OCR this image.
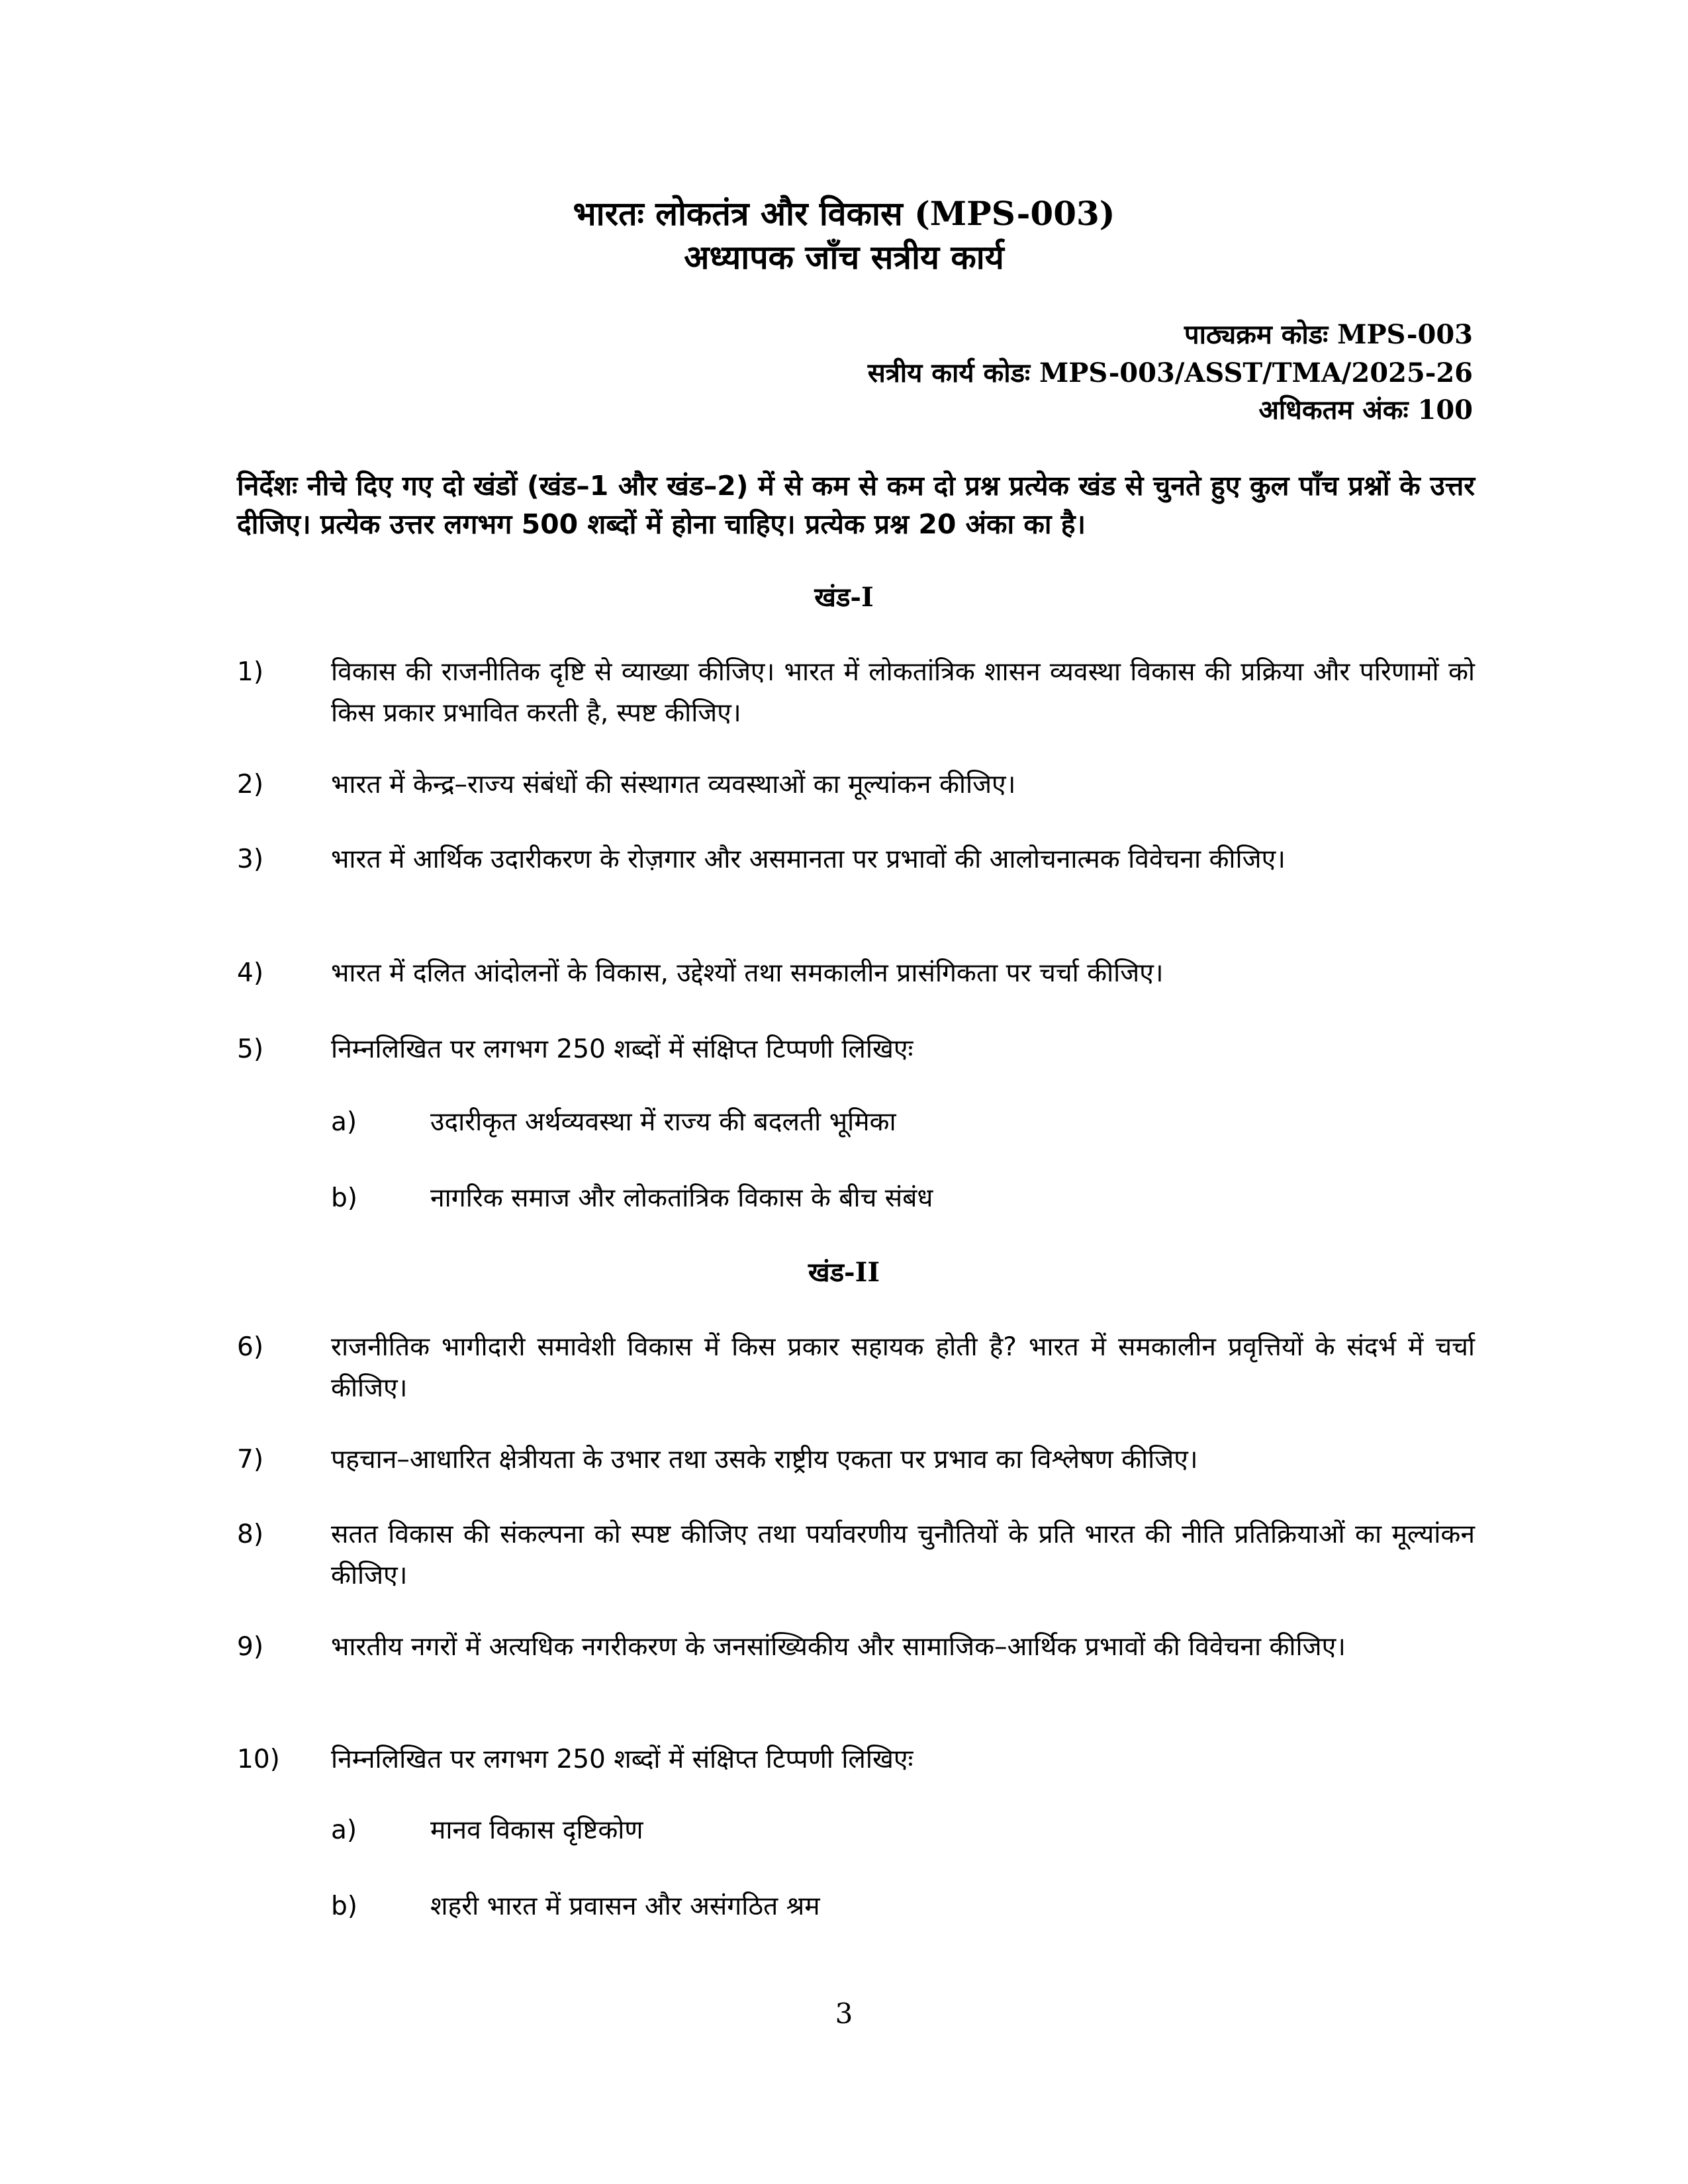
भारतः लोकतंत्र और विकास (MPS-003)
अध्यापक जाँच सत्रीय कार्य
पाठ्यक्रम कोडः MPS-003
सत्रीय कार्य कोडः MPS-003/ASST/TMA/2025-26
अधिकतम अंकः 100
निर्देशः नीचे दिए गए दो खंडों (खंड–1 और खंड–2) में से कम से कम दो प्रश्न प्रत्येक खंड से चुनते हुए कुल पाँच प्रश्नों के उत्तर दीजिए। प्रत्येक उत्तर लगभग 500 शब्दों में होना चाहिए। प्रत्येक प्रश्न 20 अंका का है।
खंड-I
1)	विकास की राजनीतिक दृष्टि से व्याख्या कीजिए। भारत में लोकतांत्रिक शासन व्यवस्था विकास की प्रक्रिया और परिणामों को किस प्रकार प्रभावित करती है, स्पष्ट कीजिए।
2)	भारत में केन्द्र–राज्य संबंधों की संस्थागत व्यवस्थाओं का मूल्यांकन कीजिए।
3)	भारत में आर्थिक उदारीकरण के रोज़गार और असमानता पर प्रभावों की आलोचनात्मक विवेचना कीजिए।
4)	भारत में दलित आंदोलनों के विकास, उद्देश्यों तथा समकालीन प्रासंगिकता पर चर्चा कीजिए।
5)	निम्नलिखित पर लगभग 250 शब्दों में संक्षिप्त टिप्पणी लिखिएः
a)	उदारीकृत अर्थव्यवस्था में राज्य की बदलती भूमिका
b)	नागरिक समाज और लोकतांत्रिक विकास के बीच संबंध
खंड-II
6)	राजनीतिक भागीदारी समावेशी विकास में किस प्रकार सहायक होती है? भारत में समकालीन प्रवृत्तियों के संदर्भ में चर्चा कीजिए।
7)	पहचान–आधारित क्षेत्रीयता के उभार तथा उसके राष्ट्रीय एकता पर प्रभाव का विश्लेषण कीजिए।
8)	सतत विकास की संकल्पना को स्पष्ट कीजिए तथा पर्यावरणीय चुनौतियों के प्रति भारत की नीति प्रतिक्रियाओं का मूल्यांकन कीजिए।
9)	भारतीय नगरों में अत्यधिक नगरीकरण के जनसांख्यिकीय और सामाजिक–आर्थिक प्रभावों की विवेचना कीजिए।
10)	निम्नलिखित पर लगभग 250 शब्दों में संक्षिप्त टिप्पणी लिखिएः
a)	मानव विकास दृष्टिकोण
b)	शहरी भारत में प्रवासन और असंगठित श्रम
3
